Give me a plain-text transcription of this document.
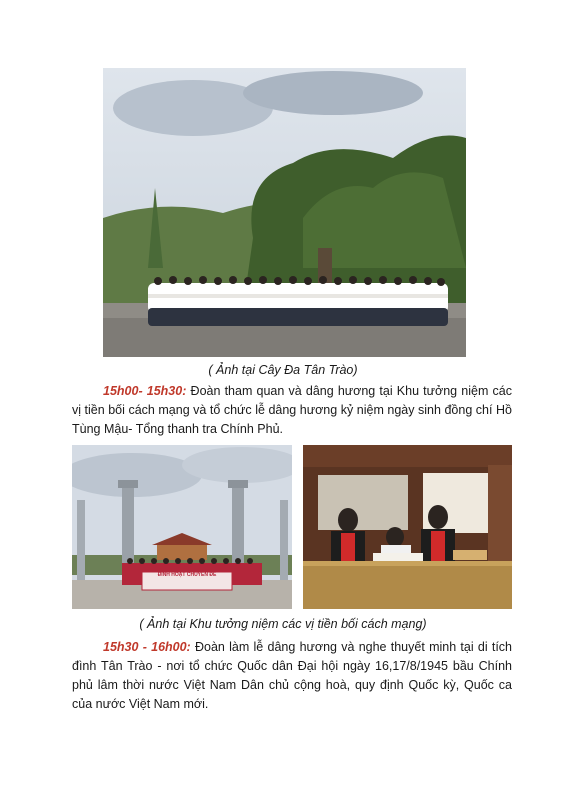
( Ảnh tại Cây Đa Tân Trào)

15h00- 15h30: Đoàn tham quan và dâng hương tại Khu tưởng niệm các vị tiền bối cách mạng và tổ chức lễ dâng hương kỷ niệm ngày sinh đồng chí Hồ Tùng Mậu- Tổng thanh tra Chính Phủ.

ĐINH HOẠT CHUYÊN ĐỀ
( Ảnh tại Khu tưởng niệm các vị tiền bối cách mạng)

15h30 - 16h00: Đoàn làm lễ dâng hương và nghe thuyết minh tại di tích đình Tân Trào - nơi tổ chức Quốc dân Đại hội ngày 16,17/8/1945 bầu Chính phủ lâm thời nước Việt Nam Dân chủ cộng hoà, quy định Quốc kỳ, Quốc ca của nước Việt Nam mới.
